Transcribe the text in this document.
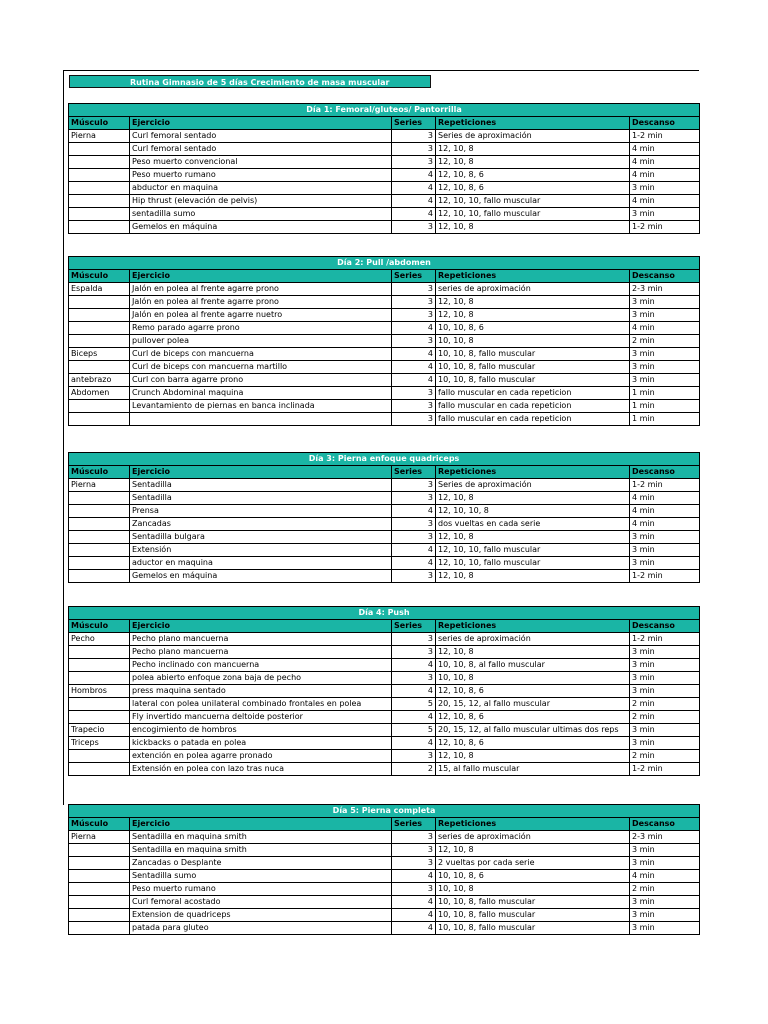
Rutina Gimnasio de 5 días Crecimiento de masa muscular
Día 1: Femoral/gluteos/ Pantorrilla				
Músculo	Ejercicio	Series	Repeticiones	Descanso
Pierna	Curl femoral sentado	3	Series de aproximación	1-2 min
	Curl femoral sentado	3	12, 10, 8	4 min
	Peso muerto convencional	3	12, 10, 8	4 min
	Peso muerto rumano	4	12, 10, 8, 6	4 min
	abductor en maquina	4	12, 10, 8, 6	3 min
	Hip thrust (elevación de pelvis)	4	12, 10, 10, fallo muscular	4 min
	sentadilla sumo	4	12, 10, 10, fallo muscular	3 min
	Gemelos en máquina	3	12, 10, 8	1-2 min
Día 2: Pull /abdomen				
Músculo	Ejercicio	Series	Repeticiones	Descanso
Espalda	Jalón en polea al frente agarre prono	3	series de aproximación	2-3 min
	Jalón en polea al frente agarre prono	3	12, 10, 8	3 min
	Jalón en polea al frente agarre nuetro	3	12, 10, 8	3 min
	Remo parado agarre prono	4	10, 10, 8, 6	4 min
	pullover polea	3	10, 10, 8	2 min
Biceps	Curl de biceps con mancuerna	4	10, 10, 8, fallo muscular	3 min
	Curl de biceps con mancuerna martillo	4	10, 10, 8, fallo muscular	3 min
antebrazo	Curl con barra agarre prono	4	10, 10, 8, fallo muscular	3 min
Abdomen	Crunch Abdominal maquina	3	fallo muscular en cada repeticion	1 min
	Levantamiento de piernas en banca inclinada	3	fallo muscular en cada repeticion	1 min
		3	fallo muscular en cada repeticion	1 min
Día 3: Pierna enfoque quadriceps				
Músculo	Ejercicio	Series	Repeticiones	Descanso
Pierna	Sentadilla	3	Series de aproximación	1-2 min
	Sentadilla	3	12, 10, 8	4 min
	Prensa	4	12, 10, 10, 8	4 min
	Zancadas	3	dos vueltas en cada serie	4 min
	Sentadilla bulgara	3	12, 10, 8	3 min
	Extensión	4	12, 10, 10, fallo muscular	3 min
	aductor en maquina	4	12, 10, 10, fallo muscular	3 min
	Gemelos en máquina	3	12, 10, 8	1-2 min
Día 4: Push				
Músculo	Ejercicio	Series	Repeticiones	Descanso
Pecho	Pecho plano mancuerna	3	series de aproximación	1-2 min
	Pecho plano mancuerna	3	12, 10, 8	3 min
	Pecho inclinado con mancuerna	4	10, 10, 8, al fallo muscular	3 min
	polea abierto enfoque zona baja de pecho	3	10, 10, 8	3 min
Hombros	press maquina sentado	4	12, 10, 8, 6	3 min
	lateral con polea unilateral combinado frontales en polea	5	20, 15, 12, al fallo muscular	2 min
	Fly invertido mancuerna deltoide posterior	4	12, 10, 8, 6	2 min
Trapecio	encogimiento de hombros	5	20, 15, 12, al fallo muscular ultimas dos reps	3 min
Triceps	kickbacks o patada en polea	4	12, 10, 8, 6	3 min
	extención en polea agarre pronado	3	12, 10, 8	2 min
	Extensión en polea con lazo tras nuca	2	15, al fallo muscular	1-2 min
Día 5: Pierna completa				
Músculo	Ejercicio	Series	Repeticiones	Descanso
Pierna	Sentadilla en maquina smith	3	series de aproximación	2-3 min
	Sentadilla en maquina smith	3	12, 10, 8	3 min
	Zancadas o Desplante	3	2 vueltas por cada serie	3 min
	Sentadilla sumo	4	10, 10, 8, 6	4 min
	Peso muerto rumano	3	10, 10, 8	2 min
	Curl femoral acostado	4	10, 10, 8, fallo muscular	3 min
	Extension de quadriceps	4	10, 10, 8, fallo muscular	3 min
	patada para gluteo	4	10, 10, 8, fallo muscular	3 min
